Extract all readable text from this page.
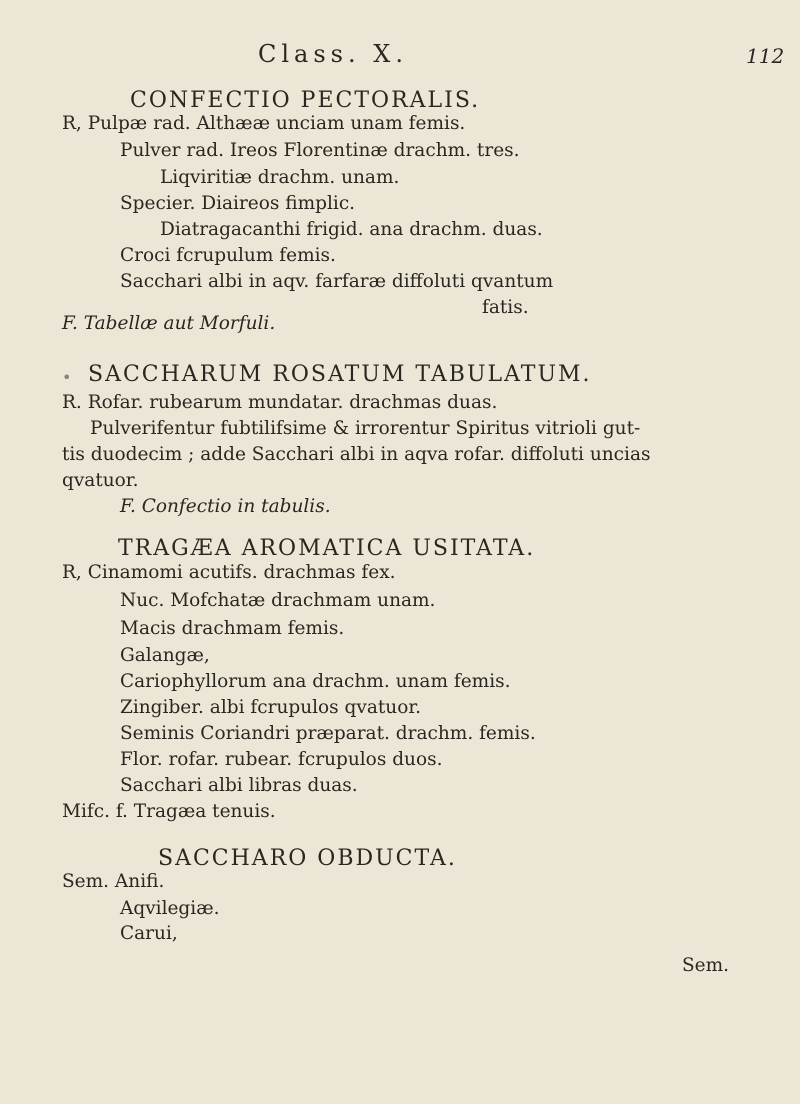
Class. X.	112
CONFECTIO PECTORALIS.
R, Pulpæ rad. Althææ unciam unam femis.
Pulver rad. Ireos Florentinæ drachm. tres.
Liqviritiæ drachm. unam.
Specier. Diaireos fimplic.
Diatragacanthi frigid. ana drachm. duas.
Croci fcrupulum femis.
Sacchari albi in aqv. farfaræ diffoluti qvantum
fatis.
F. Tabellæ aut Morfuli.
• SACCHARUM ROSATUM TABULATUM.
R. Rofar. rubearum mundatar. drachmas duas.
Pulverifentur fubtilifsime & irrorentur Spiritus vitrioli gut-
tis duodecim ; adde Sacchari albi in aqva rofar. diffoluti uncias
qvatuor.
F. Confectio in tabulis.
TRAGÆA AROMATICA USITATA.
R, Cinamomi acutifs. drachmas fex.
Nuc. Mofchatæ drachmam unam.
Macis drachmam femis.
Galangæ,
Cariophyllorum ana drachm. unam femis.
Zingiber. albi fcrupulos qvatuor.
Seminis Coriandri præparat. drachm. femis.
Flor. rofar. rubear. fcrupulos duos.
Sacchari albi libras duas.
Mifc. f. Tragæa tenuis.
SACCHARO OBDUCTA.
Sem. Anifi.
Aqvilegiæ.
Carui,
Sem.
